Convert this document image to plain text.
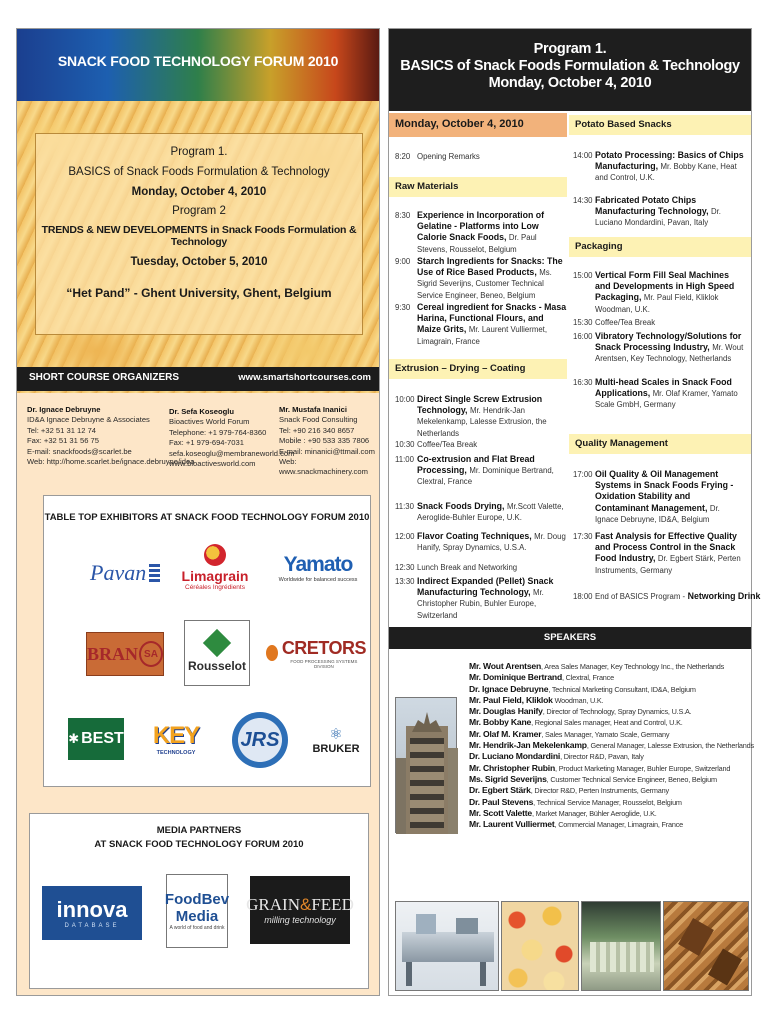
SNACK FOOD TECHNOLOGY FORUM 2010
Program 1.
BASICS of Snack Foods Formulation & Technology
Monday, October 4, 2010
Program 2
TRENDS & NEW DEVELOPMENTS in Snack Foods Formulation & Technology
Tuesday, October 5, 2010
“Het Pand” - Ghent University, Ghent, Belgium
SHORT COURSE ORGANIZERS	www.smartshortcourses.com
Dr. Ignace Debruyne
ID&A Ignace Debruyne & Associates
Tel: +32 51 31 12 74
Fax: +32 51 31 56 75
E-mail: snackfoods@scarlet.be
Web: http://home.scarlet.be/ignace.debruyne/idea
Dr. Sefa Koseoglu
Bioactives World Forum
Telephone: +1 979-764-8360
Fax: +1 979-694-7031
sefa.koseoglu@membraneworld.com
www.bioactivesworld.com
Mr. Mustafa Inanici
Snack Food Consulting
Tel: +90 216 340 8657
Mobile : +90 533 335 7806
E-mail: minanici@ttmail.com
Web: www.snackmachinery.com
TABLE TOP EXHIBITORS AT SNACK FOOD TECHNOLOGY FORUM 2010
Pavan	Limagrain
Céréales Ingrédients
Yamato
Worldwide for balanced success
BRAN SA
Rousselot
CRETORS
FOOD PROCESSING SYSTEMS DIVISION
✱ BEST KEY
TECHNOLOGY
JRS	⚛
BRUKER
MEDIA PARTNERS
AT SNACK FOOD TECHNOLOGY FORUM 2010
innova
DATABASE
FoodBev
Media
A world of food and drink
GRAIN & FEED
milling technology
Program 1.
BASICS of Snack Foods Formulation & Technology
Monday, October 4, 2010
Monday, October 4, 2010
8:20 Opening Remarks
Raw Materials
8:30 Experience in Incorporation of Gelatine - Platforms into Low Calorie Snack Foods, Dr. Paul Stevens, Rousselot, Belgium
9:00 Starch Ingredients for Snacks: The Use of Rice Based Products, Ms. Sigrid Severijns, Customer Technical Service Engineer, Beneo, Belgium
9:30 Cereal ingredient for Snacks - Masa Harina, Functional Flours, and Maize Grits, Mr. Laurent Vulliermet, Limagrain, France
Extrusion – Drying – Coating
10:00 Direct Single Screw Extrusion Technology, Mr. Hendrik-Jan Mekelenkamp, Lalesse Extrusion, the Netherlands
10:30 Coffee/Tea Break
11:00 Co-extrusion and Flat Bread Processing, Mr. Dominique Bertrand, Clextral, France
11:30 Snack Foods Drying, Mr.Scott Valette, Aeroglide-Buhler Europe, U.K.
12:00 Flavor Coating Techniques, Mr. Doug Hanify, Spray Dynamics, U.S.A.
12:30 Lunch Break and Networking
13:30 Indirect Expanded (Pellet) Snack Manufacturing Technology, Mr. Christopher Rubin, Buhler Europe, Switzerland
Potato Based Snacks
14:00 Potato Processing: Basics of Chips Manufacturing, Mr. Bobby Kane, Heat and Control, U.K.
14:30 Fabricated Potato Chips Manufacturing Technology, Dr. Luciano Mondardini, Pavan, Italy
Packaging
15:00 Vertical Form Fill Seal Machines and Developments in High Speed Packaging, Mr. Paul Field, Kliklok Woodman, U.K.
15:30 Coffee/Tea Break
16:00 Vibratory Technology/Solutions for Snack Processing Industry, Mr. Wout Arentsen, Key Technology, Netherlands
16:30 Multi-head Scales in Snack Food Applications, Mr. Olaf Kramer, Yamato Scale GmbH, Germany
Quality Management
17:00 Oil Quality & Oil Management Systems in Snack Foods Frying - Oxidation Stability and Contaminant Management, Dr. Ignace Debruyne, ID&A, Belgium
17:30 Fast Analysis for Effective Quality and Process Control in the Snack Food Industry, Dr. Egbert Stärk, Perten Instruments, Germany
18:00 End of BASICS Program - Networking Drink
SPEAKERS
Mr. Wout Arentsen, Area Sales Manager, Key Technology Inc., the Netherlands
Mr. Dominique Bertrand, Clextral, France
Dr. Ignace Debruyne, Technical Marketing Consultant, ID&A, Belgium
Mr. Paul Field, Kliklok Woodman, U.K.
Mr. Douglas Hanify, Director of Technology, Spray Dynamics, U.S.A.
Mr. Bobby Kane, Regional Sales manager, Heat and Control, U.K.
Mr. Olaf M. Kramer, Sales Manager, Yamato Scale, Germany
Mr. Hendrik-Jan Mekelenkamp, General Manager, Lalesse Extrusion, the Netherlands
Dr. Luciano Mondardini, Director R&D, Pavan, Italy
Mr. Christopher Rubin, Product Marketing Manager, Buhler Europe, Switzerland
Ms. Sigrid Severijns, Customer Technical Service Engineer, Beneo, Belgium
Dr. Egbert Stärk, Director R&D, Perten Instruments, Germany
Dr. Paul Stevens, Technical Service Manager, Rousselot, Belgium
Mr. Scott Valette, Market Manager, Bühler Aeroglide, U.K.
Mr. Laurent Vulliermet, Commercial Manager, Limagrain, France
